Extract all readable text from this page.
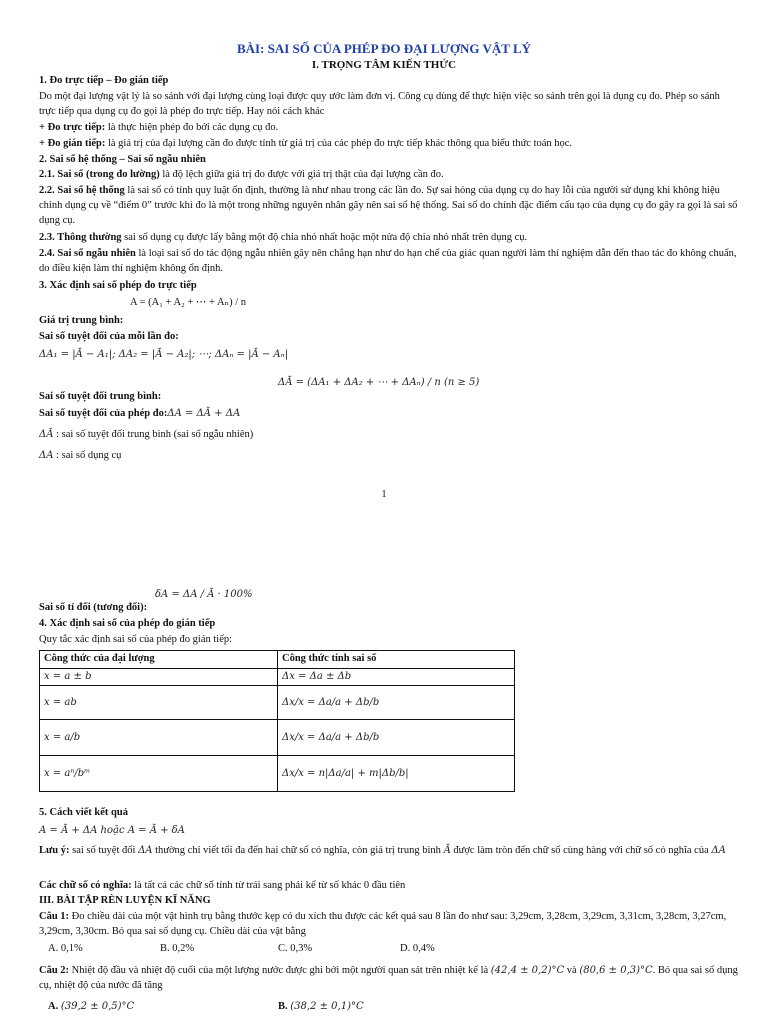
BÀI: SAI SỐ CỦA PHÉP ĐO ĐẠI LƯỢNG VẬT LÝ
I. TRỌNG TÂM KIẾN THỨC
1. Đo trực tiếp – Đo gián tiếp
Do một đại lượng vật lý là so sánh với đại lượng cùng loại được quy ước làm đơn vị. Công cụ dùng để thực hiện việc so sánh trên gọi là dụng cụ đo. Phép so sánh trực tiếp qua dụng cụ đo gọi là phép đo trực tiếp. Hay nói cách khác
+ Đo trực tiếp: là thực hiện phép đo bởi các dụng cụ đo.
+ Đo gián tiếp: là giá trị của đại lượng cần đo được tính từ giá trị của các phép đo trực tiếp khác thông qua biểu thức toán học.
2. Sai số hệ thống – Sai số ngẫu nhiên
2.1. Sai số (trong đo lường) là độ lệch giữa giá trị đo được với giá trị thật của đại lượng cần đo.
2.2. Sai số hệ thống là sai số có tính quy luật ổn định, thường là như nhau trong các lần đo. Sự sai hỏng của dụng cụ do hay lỗi của người sử dụng khi không hiệu chỉnh dụng cụ về “điểm 0” trước khi đo là một trong những nguyên nhân gây nên sai số hệ thống. Sai số do chính đặc điểm cấu tạo của dụng cụ đo gây ra gọi là sai số dụng cụ.
2.3. Thông thường sai số dụng cụ được lấy bằng một độ chia nhỏ nhất hoặc một nửa độ chia nhỏ nhất trên dụng cụ.
2.4. Sai số ngẫu nhiên là loại sai số do tác động ngẫu nhiên gây nên chẳng hạn như do hạn chế của giác quan người làm thí nghiệm dẫn đến thao tác đo không chuẩn, do điều kiện làm thí nghiệm không ổn định.
3. Xác định sai số phép đo trực tiếp
A = (A₁ + A₂ + ⋯ + Aₙ) / n
Giá trị trung bình:
Sai số tuyệt đối của mỗi lần đo:
ΔA₁ = |Ā − A₁|; ΔA₂ = |Ā − A₂|; ⋯; ΔAₙ = |Ā − Aₙ|
ΔĀ = (ΔA₁ + ΔA₂ + ⋯ + ΔAₙ) / n (n ≥ 5)
Sai số tuyệt đối trung bình:
Sai số tuyệt đối của phép đo:ΔA = ΔĀ + ΔA
ΔĀ : sai số tuyệt đối trung bình (sai số ngẫu nhiên)
ΔA : sai số dụng cụ
1
δA = ΔA / Ā · 100%
Sai số tỉ đối (tương đối):
4. Xác định sai số của phép đo gián tiếp
Quy tắc xác định sai số của phép đo gián tiếp:
Công thức của đại lượng	Công thức tính sai số
x = a ± b	Δx = Δa ± Δb
x = ab	Δx/x = Δa/a + Δb/b
x = a/b	Δx/x = Δa/a + Δb/b
x = aⁿ/bᵐ	Δx/x = n|Δa/a| + m|Δb/b|
5. Cách viết kết quả
A = Ā + ΔA hoặc A = Ā + δA
Lưu ý: sai số tuyệt đối ΔA thường chỉ viết tối đa đến hai chữ số có nghĩa, còn giá trị trung bình Ā được làm tròn đến chữ số cùng hàng với chữ số có nghĩa của ΔA
Các chữ số có nghĩa: là tất cả các chữ số tính từ trái sang phải kể từ số khác 0 đầu tiên
III. BÀI TẬP RÈN LUYỆN KĨ NĂNG
Câu 1: Đo chiều dài của một vật hình trụ bằng thước kẹp có du xích thu được các kết quả sau 8 lần đo như sau: 3,29cm, 3,28cm, 3,29cm, 3,31cm, 3,28cm, 3,27cm, 3,29cm, 3,30cm. Bỏ qua sai số dụng cụ. Chiều dài của vật bằng
A. 0,1%	B. 0,2%	C. 0,3%	D. 0,4%
Câu 2: Nhiệt độ đầu và nhiệt độ cuối của một lượng nước được ghi bởi một người quan sát trên nhiệt kế là (42,4 ± 0,2)°C và (80,6 ± 0,3)°C. Bỏ qua sai số dụng cụ, nhiệt độ của nước đã tăng
A. (39,2 ± 0,5)°C	B. (38,2 ± 0,1)°C
